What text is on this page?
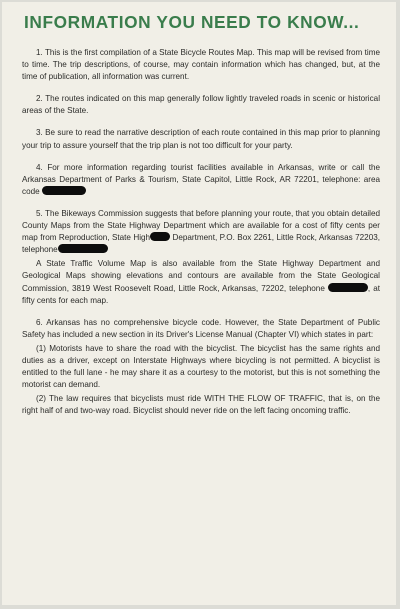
INFORMATION YOU NEED TO KNOW...

1. This is the first compilation of a State Bicycle Routes Map. This map will be revised from time to time. The trip descriptions, of course, may contain information which has changed, but, at the time of publication, all information was current.

2. The routes indicated on this map generally follow lightly traveled roads in scenic or historical areas of the State.

3. Be sure to read the narrative description of each route contained in this map prior to planning your trip to assure yourself that the trip plan is not too difficult for your party.

4. For more information regarding tourist facilities available in Arkansas, write or call the Arkansas Department of Parks & Tourism, State Capitol, Little Rock, AR 72201, telephone: area code

5. The Bikeways Commission suggests that before planning your route, that you obtain detailed County Maps from the State Highway Department which are available for a cost of fifty cents per map from Reproduction, State High	Department, P.O. Box 2261, Little Rock, Arkansas 72203, telephone

A State Traffic Volume Map is also available from the State Highway Department and Geological Maps showing elevations and contours are available from the State Geological Commission, 3819 West Roosevelt Road, Little Rock, Arkansas, 72202, telephone	, at fifty cents for each map.

6. Arkansas has no comprehensive bicycle code. However, the State Department of Public Safety has included a new section in its Driver's License Manual (Chapter VI) which states in part:

(1) Motorists have to share the road with the bicyclist. The bicyclist has the same rights and duties as a driver, except on Interstate Highways where bicycling is not permitted. A bicyclist is entitled to the full lane - he may share it as a courtesy to the motorist, but this is not something the motorist can demand.

(2) The law requires that bicyclists must ride WITH THE FLOW OF TRAFFIC, that is, on the right half of and two-way road. Bicyclist should never ride on the left facing oncoming traffic.
